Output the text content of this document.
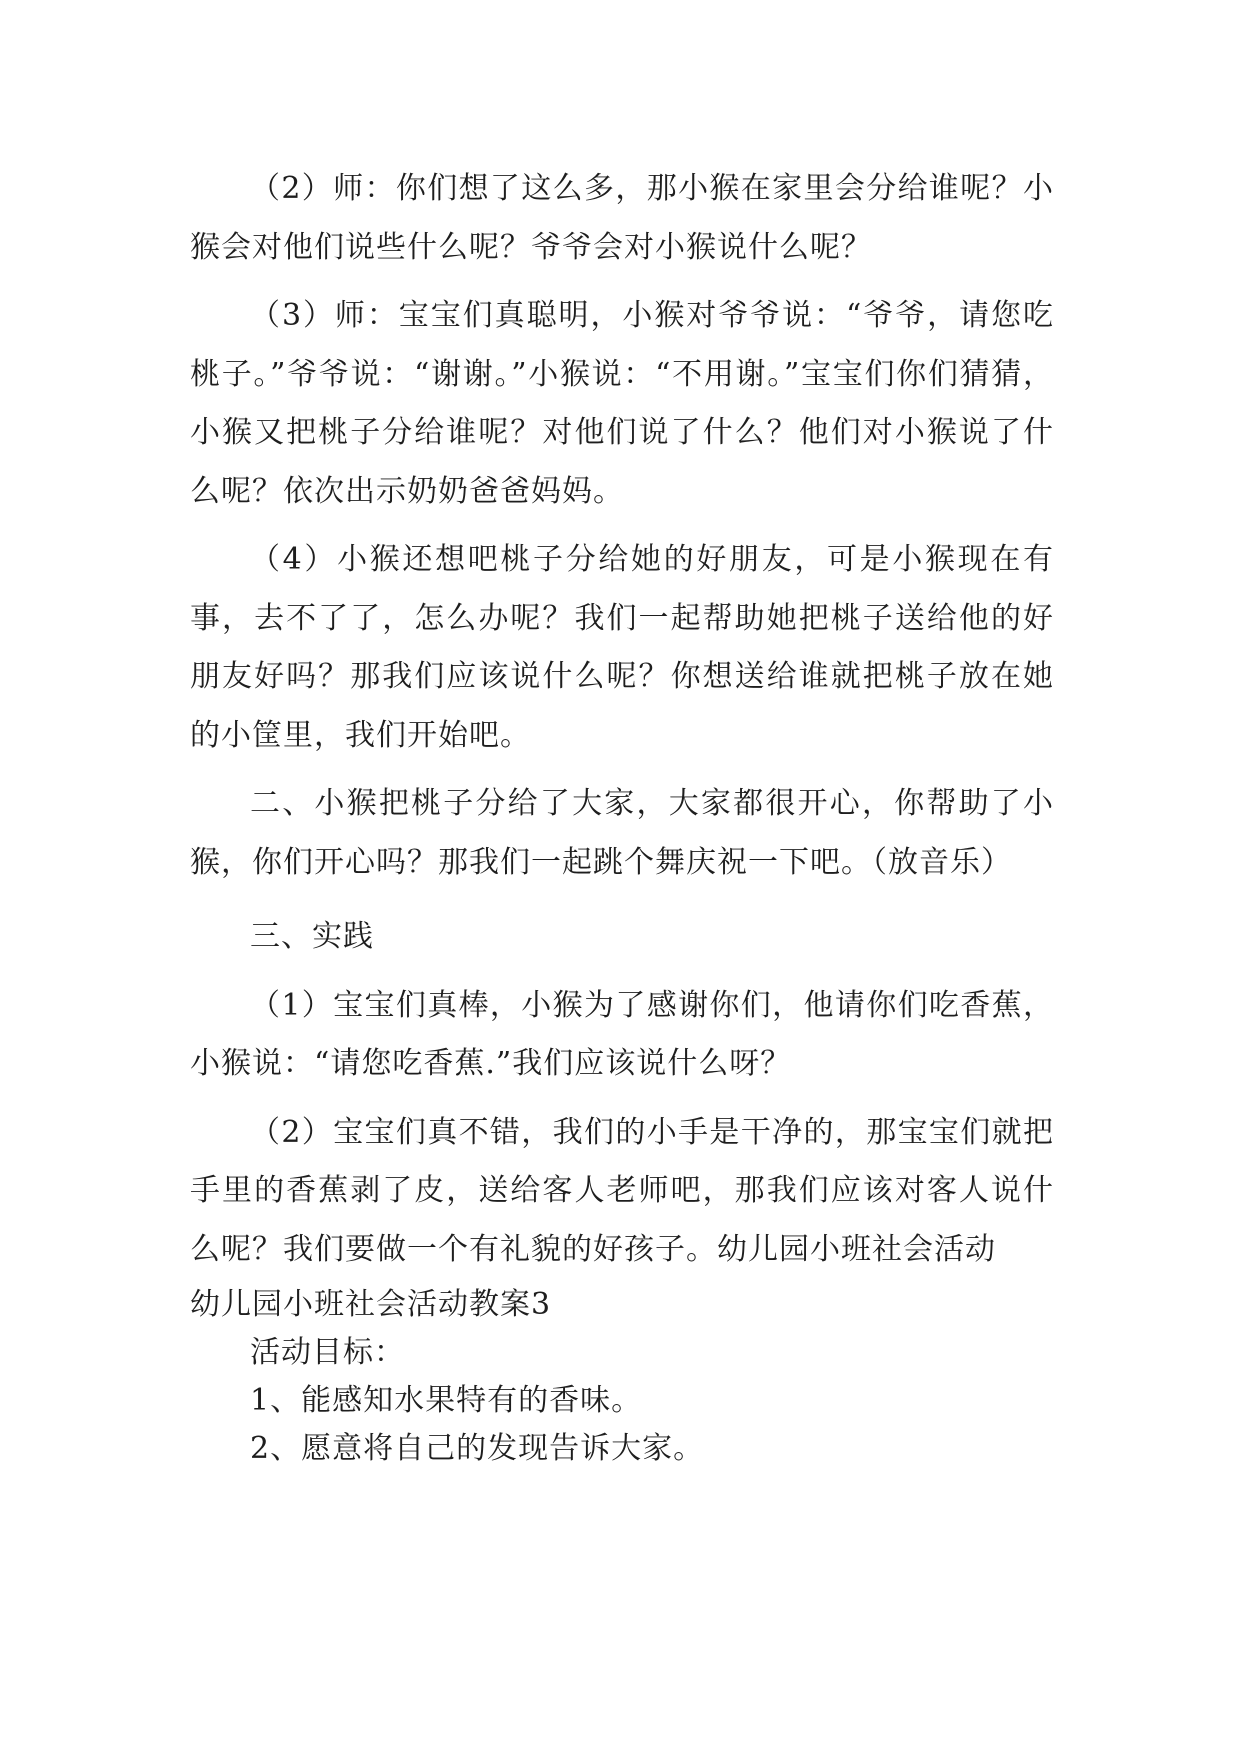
（2）师：你们想了这么多，那小猴在家里会分给谁呢？小猴会对他们说些什么呢？爷爷会对小猴说什么呢？

（3）师：宝宝们真聪明，小猴对爷爷说：“爷爷，请您吃桃子。”爷爷说：“谢谢。”小猴说：“不用谢。”宝宝们你们猜猜，小猴又把桃子分给谁呢？对他们说了什么？他们对小猴说了什么呢？依次出示奶奶爸爸妈妈。

（4）小猴还想吧桃子分给她的好朋友，可是小猴现在有事，去不了了，怎么办呢？我们一起帮助她把桃子送给他的好朋友好吗？那我们应该说什么呢？你想送给谁就把桃子放在她的小筐里，我们开始吧。

二、小猴把桃子分给了大家，大家都很开心，你帮助了小猴，你们开心吗？那我们一起跳个舞庆祝一下吧。（放音乐）

三、实践

（1）宝宝们真棒，小猴为了感谢你们，他请你们吃香蕉，小猴说：“请您吃香蕉.”我们应该说什么呀？

（2）宝宝们真不错，我们的小手是干净的，那宝宝们就把手里的香蕉剥了皮，送给客人老师吧，那我们应该对客人说什么呢？我们要做一个有礼貌的好孩子。幼儿园小班社会活动

幼儿园小班社会活动教案3

活动目标：

1、能感知水果特有的香味。

2、愿意将自己的发现告诉大家。
